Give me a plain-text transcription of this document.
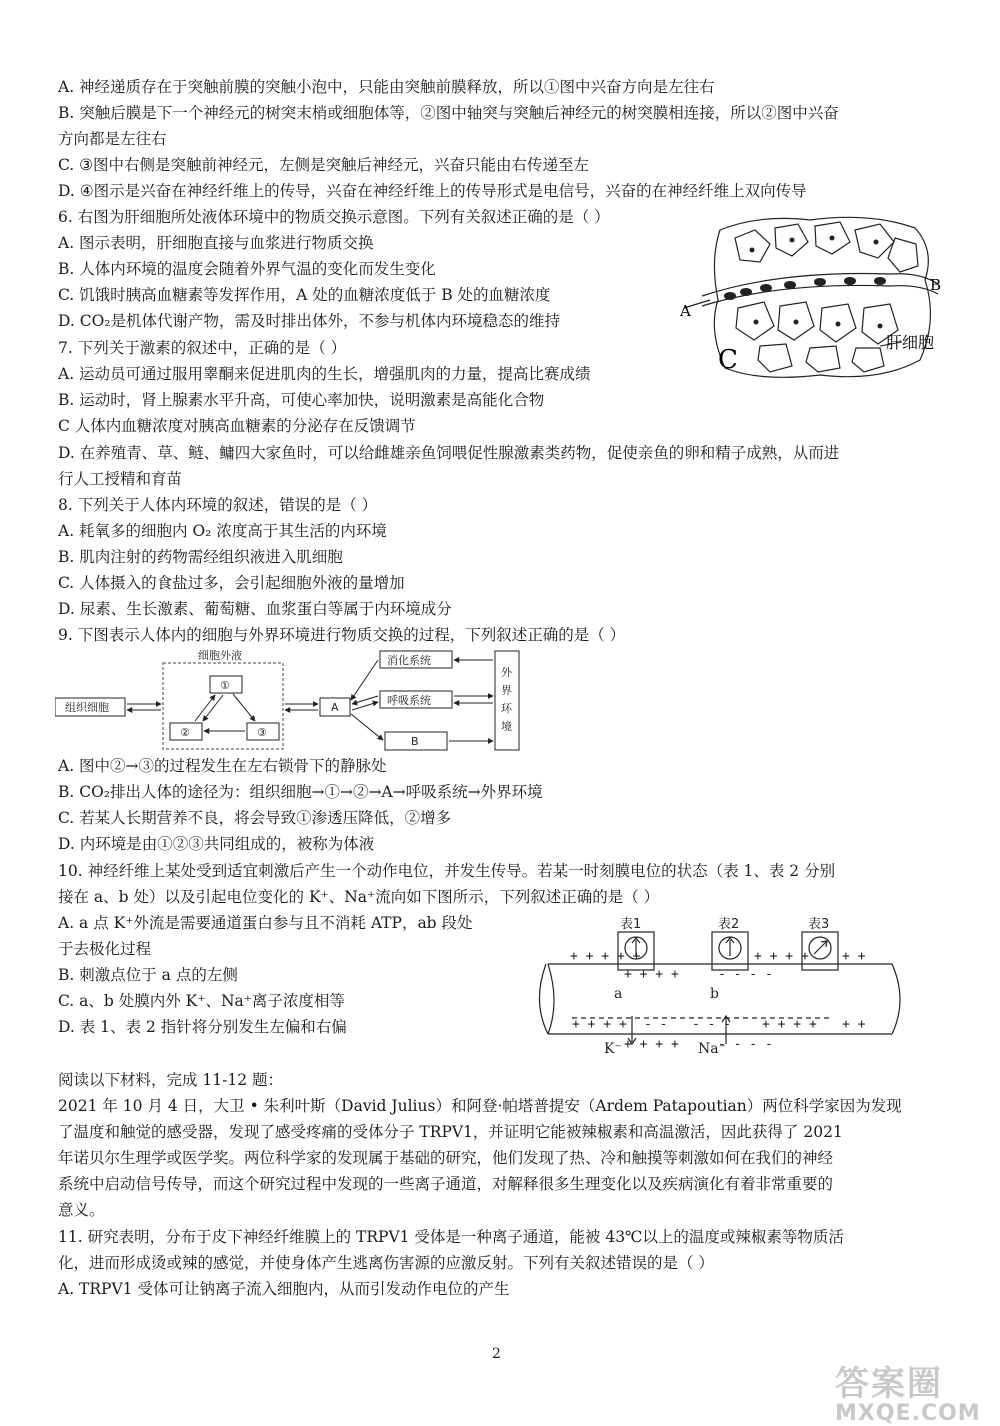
A. 神经递质存在于突触前膜的突触小泡中，只能由突触前膜释放，所以①图中兴奋方向是左往右
B. 突触后膜是下一个神经元的树突末梢或细胞体等，②图中轴突与突触后神经元的树突膜相连接，所以②图中兴奋
方向都是左往右
C. ③图中右侧是突触前神经元，左侧是突触后神经元，兴奋只能由右传递至左
D. ④图示是兴奋在神经纤维上的传导，兴奋在神经纤维上的传导形式是电信号，兴奋的在神经纤维上双向传导
6. 右图为肝细胞所处液体环境中的物质交换示意图。下列有关叙述正确的是（ ）
A. 图示表明，肝细胞直接与血浆进行物质交换
B. 人体内环境的温度会随着外界气温的变化而发生变化
C. 饥饿时胰高血糖素等发挥作用，A 处的血糖浓度低于 B 处的血糖浓度
D. CO₂是机体代谢产物，需及时排出体外，不参与机体内环境稳态的维持
7. 下列关于激素的叙述中，正确的是（ ）
A. 运动员可通过服用睾酮来促进肌肉的生长，增强肌肉的力量，提高比赛成绩
B. 运动时，肾上腺素水平升高，可使心率加快，说明激素是高能化合物
C 人体内血糖浓度对胰高血糖素的分泌存在反馈调节
D. 在养殖青、草、鲢、鳙四大家鱼时，可以给雌雄亲鱼饲喂促性腺激素类药物，促使亲鱼的卵和精子成熟，从而进
行人工授精和育苗
8. 下列关于人体内环境的叙述，错误的是（ ）
A. 耗氧多的细胞内 O₂ 浓度高于其生活的内环境
B. 肌肉注射的药物需经组织液进入肌细胞
C. 人体摄入的食盐过多，会引起细胞外液的量增加
D. 尿素、生长激素、葡萄糖、血浆蛋白等属于内环境成分
9. 下图表示人体内的细胞与外界环境进行物质交换的过程，下列叙述正确的是（ ）
A. 图中②→③的过程发生在左右锁骨下的静脉处
B. CO₂排出人体的途径为：组织细胞→①→②→A→呼吸系统→外界环境
C. 若某人长期营养不良，将会导致①渗透压降低，②增多
D. 内环境是由①②③共同组成的，被称为体液
10. 神经纤维上某处受到适宜刺激后产生一个动作电位，并发生传导。若某一时刻膜电位的状态（表 1、表 2 分别
接在 a、b 处）以及引起电位变化的 K⁺、Na⁺流向如下图所示，下列叙述正确的是（ ）
A. a 点 K⁺外流是需要通道蛋白参与且不消耗 ATP，ab 段处
于去极化过程
B. 刺激点位于 a 点的左侧
C. a、b 处膜内外 K⁺、Na⁺离子浓度相等
D. 表 1、表 2 指针将分别发生左偏和右偏
阅读以下材料，完成 11-12 题：
2021 年 10 月 4 日，大卫 • 朱利叶斯（David Julius）和阿登·帕塔普提安（Ardem Patapoutian）两位科学家因为发现
了温度和触觉的感受器，发现了感受疼痛的受体分子 TRPV1，并证明它能被辣椒素和高温激活，因此获得了 2021
年诺贝尔生理学或医学奖。两位科学家的发现属于基础的研究，他们发现了热、冷和触摸等刺激如何在我们的神经
系统中启动信号传导，而这个研究过程中发现的一些离子通道，对解释很多生理变化以及疾病演化有着非常重要的
意义。
11. 研究表明，分布于皮下神经纤维膜上的 TRPV1 受体是一种离子通道，能被 43℃以上的温度或辣椒素等物质活
化，进而形成烫或辣的感觉，并使身体产生逃离伤害源的应激反射。下列有关叙述错误的是（ ）
A. TRPV1 受体可让钠离子流入细胞内，从而引发动作电位的产生
A
B
C
肝细胞
细胞外液
组织细胞
①
②	③
A
消化系统
呼吸系统
B
外
界
环
境
表1	表2	表3
+ + + + +
+ + + +	- - - -
+ + + +	+ +
+ + + + - - - - - + + + + + +
+ + + +	- - - -
a	b
K⁻	Na⁻
2
答案圈
MXQE.COM
